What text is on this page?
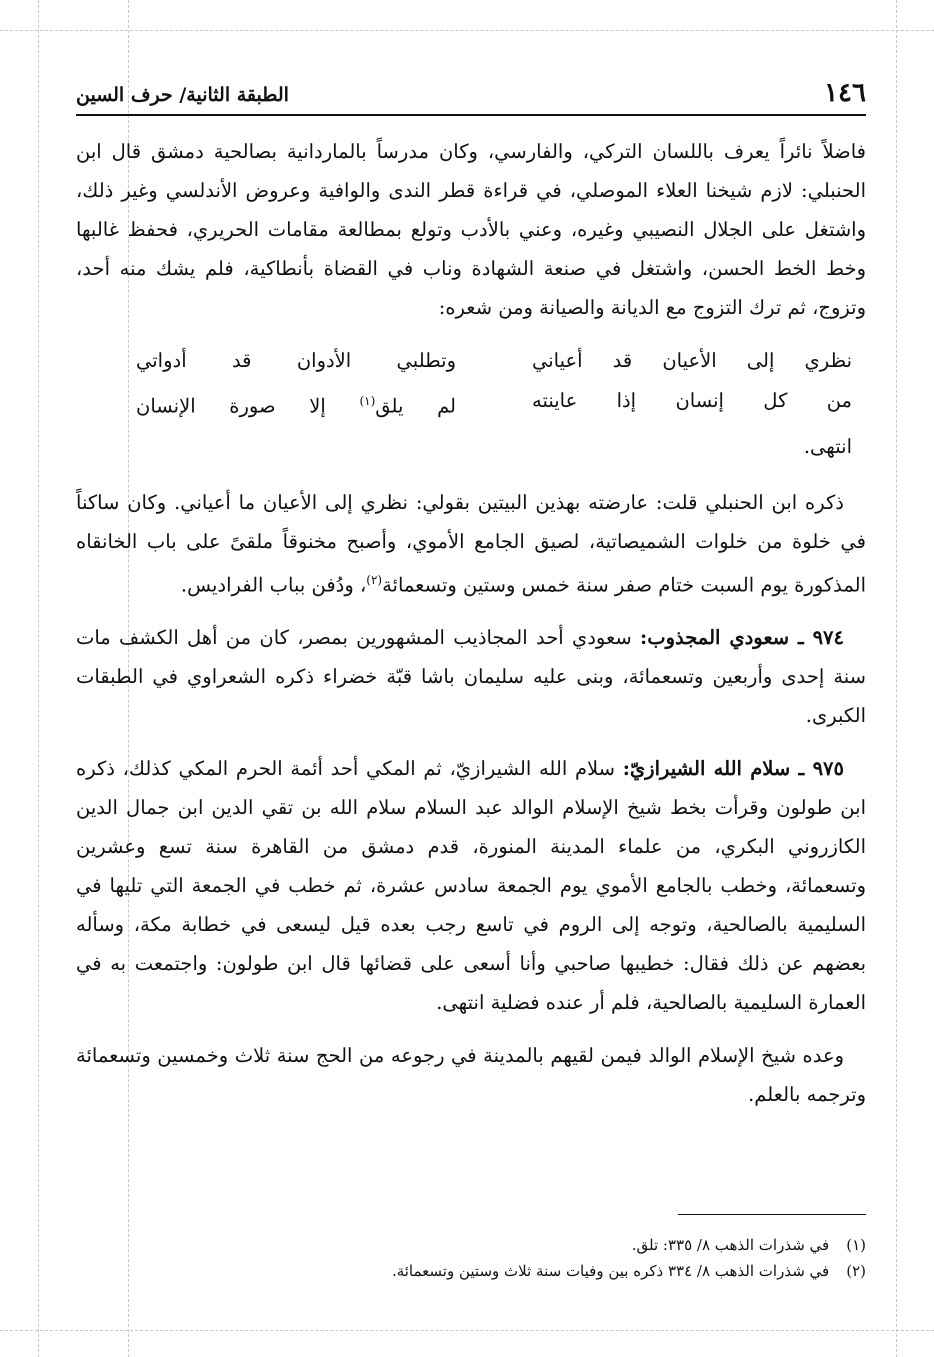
١٤٦
الطبقة الثانية/ حرف السين

فاضلاً نائراً يعرف باللسان التركي، والفارسي، وكان مدرساً بالماردانية بصالحية دمشق قال ابن الحنبلي: لازم شيخنا العلاء الموصلي، في قراءة قطر الندى والوافية وعروض الأندلسي وغير ذلك، واشتغل على الجلال النصيبي وغيره، وعني بالأدب وتولع بمطالعة مقامات الحريري، فحفظ غالبها وخط الخط الحسن، واشتغل في صنعة الشهادة وناب في القضاة بأنطاكية، فلم يشك منه أحد، وتزوج، ثم ترك التزوج مع الديانة والصيانة ومن شعره:

نظري إلى الأعيان قد أعياني
وتطلبي الأدوان قد أدواتي
من كل إنسان إذا عاينته
لم يلق$^{(١)}$ إلا صورة الإنسان
انتهى.

ذكره ابن الحنبلي قلت: عارضته بهذين البيتين بقولي: نظري إلى الأعيان ما أعياني. وكان ساكناً في خلوة من خلوات الشميصاتية، لصيق الجامع الأموي، وأصبح مخنوقاً ملقىً على باب الخانقاه المذكورة يوم السبت ختام صفر سنة خمس وستين وتسعمائة$^{(٢)}$، ودُفن بباب الفراديس.

٩٧٤ ـ سعودي المجذوب: سعودي أحد المجاذيب المشهورين بمصر، كان من أهل الكشف مات سنة إحدى وأربعين وتسعمائة، وبنى عليه سليمان باشا قبّة خضراء ذكره الشعراوي في الطبقات الكبرى.

٩٧٥ ـ سلام الله الشيرازيّ: سلام الله الشيرازيّ، ثم المكي أحد أئمة الحرم المكي كذلك، ذكره ابن طولون وقرأت بخط شيخ الإسلام الوالد عبد السلام سلام الله بن تقي الدين ابن جمال الدين الكازروني البكري، من علماء المدينة المنورة، قدم دمشق من القاهرة سنة تسع وعشرين وتسعمائة، وخطب بالجامع الأموي يوم الجمعة سادس عشرة، ثم خطب في الجمعة التي تليها في السليمية بالصالحية، وتوجه إلى الروم في تاسع رجب بعده قيل ليسعى في خطابة مكة، وسأله بعضهم عن ذلك فقال: خطيبها صاحبي وأنا أسعى على قضائها قال ابن طولون: واجتمعت به في العمارة السليمية بالصالحية، فلم أر عنده فضلية انتهى.

وعده شيخ الإسلام الوالد فيمن لقيهم بالمدينة في رجوعه من الحج سنة ثلاث وخمسين وتسعمائة وترجمه بالعلم.

(١) في شذرات الذهب ٨/ ٣٣٥: تلق.
(٢) في شذرات الذهب ٨/ ٣٣٤ ذكره بين وفيات سنة ثلاث وستين وتسعمائة.
